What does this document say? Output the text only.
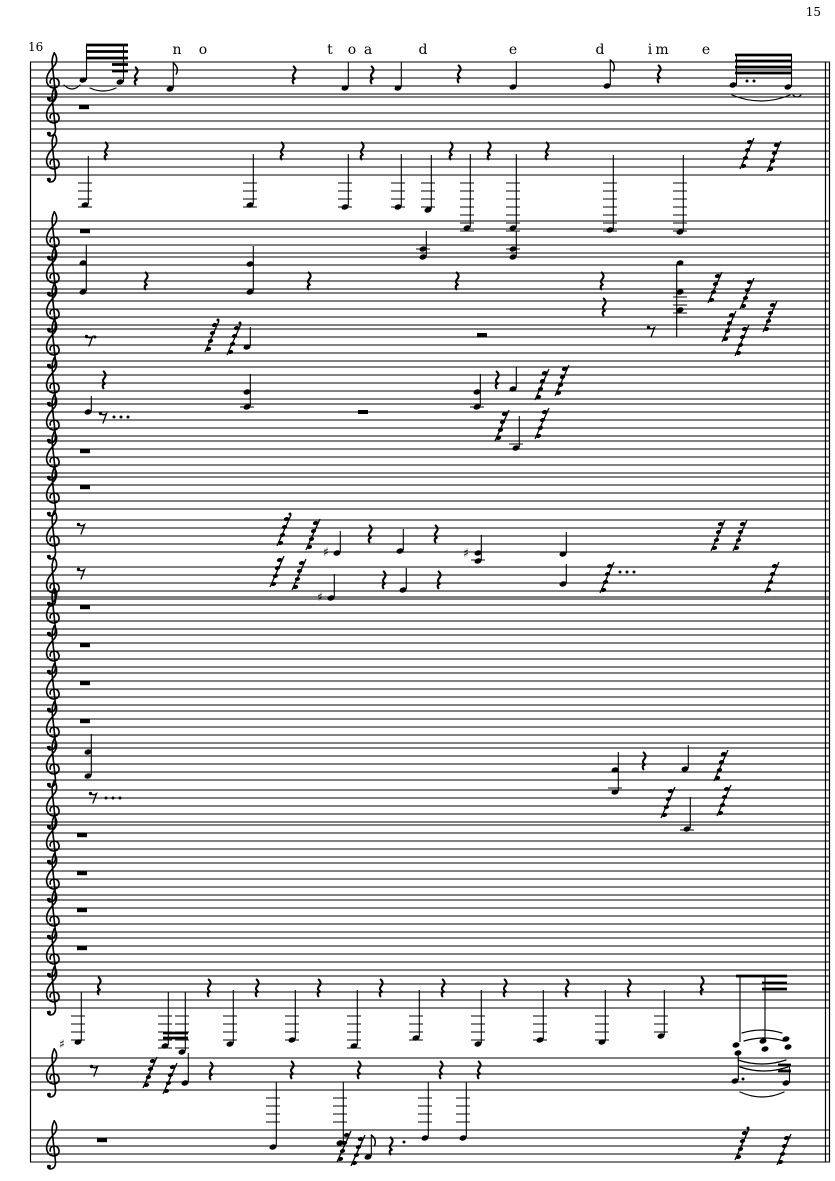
16
15
n o	t o a	d	e	d	i m e
♯	♯
♯
♯
